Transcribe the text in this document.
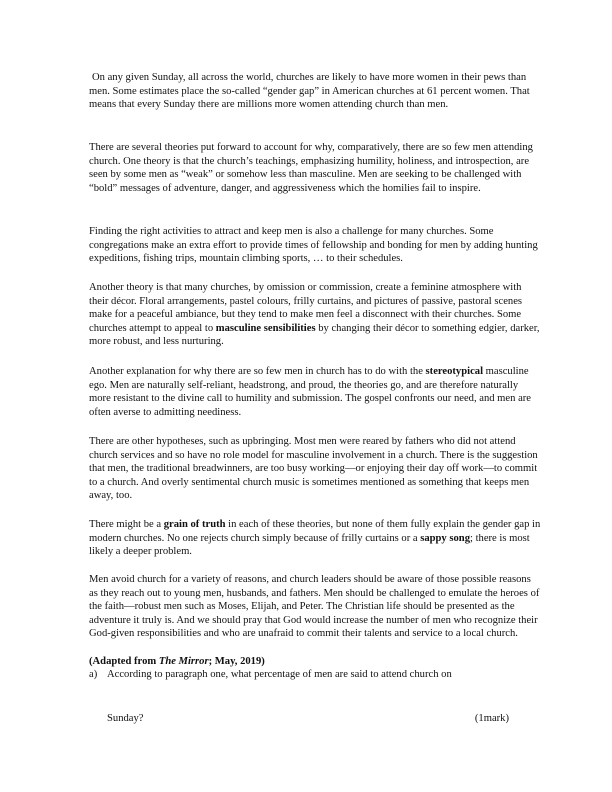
On any given Sunday, all across the world, churches are likely to have more women in their pews than men. Some estimates place the so-called “gender gap” in American churches at 61 percent women. That means that every Sunday there are millions more women attending church than men.

There are several theories put forward to account for why, comparatively, there are so few men attending church. One theory is that the church’s teachings, emphasizing humility, holiness, and introspection, are seen by some men as “weak” or somehow less than masculine. Men are seeking to be challenged with “bold” messages of adventure, danger, and aggressiveness which the homilies fail to inspire.

Finding the right activities to attract and keep men is also a challenge for many churches. Some congregations make an extra effort to provide times of fellowship and bonding for men by adding hunting expeditions, fishing trips, mountain climbing sports, … to their schedules.

Another theory is that many churches, by omission or commission, create a feminine atmosphere with their décor. Floral arrangements, pastel colours, frilly curtains, and pictures of passive, pastoral scenes make for a peaceful ambiance, but they tend to make men feel a disconnect with their churches. Some churches attempt to appeal to masculine sensibilities by changing their décor to something edgier, darker, more robust, and less nurturing.

Another explanation for why there are so few men in church has to do with the stereotypical masculine ego. Men are naturally self-reliant, headstrong, and proud, the theories go, and are therefore naturally more resistant to the divine call to humility and submission. The gospel confronts our need, and men are often averse to admitting neediness.

There are other hypotheses, such as upbringing. Most men were reared by fathers who did not attend church services and so have no role model for masculine involvement in a church. There is the suggestion that men, the traditional breadwinners, are too busy working—or enjoying their day off work—to commit to a church. And overly sentimental church music is sometimes mentioned as something that keeps men away, too.

There might be a grain of truth in each of these theories, but none of them fully explain the gender gap in modern churches. No one rejects church simply because of frilly curtains or a sappy song; there is most likely a deeper problem.

Men avoid church for a variety of reasons, and church leaders should be aware of those possible reasons as they reach out to young men, husbands, and fathers. Men should be challenged to emulate the heroes of the faith—robust men such as Moses, Elijah, and Peter. The Christian life should be presented as the adventure it truly is. And we should pray that God would increase the number of men who recognize their God-given responsibilities and who are unafraid to commit their talents and service to a local church.

(Adapted from The Mirror; May, 2019)
a) According to paragraph one, what percentage of men are said to attend church on
Sunday?	(1mark)
